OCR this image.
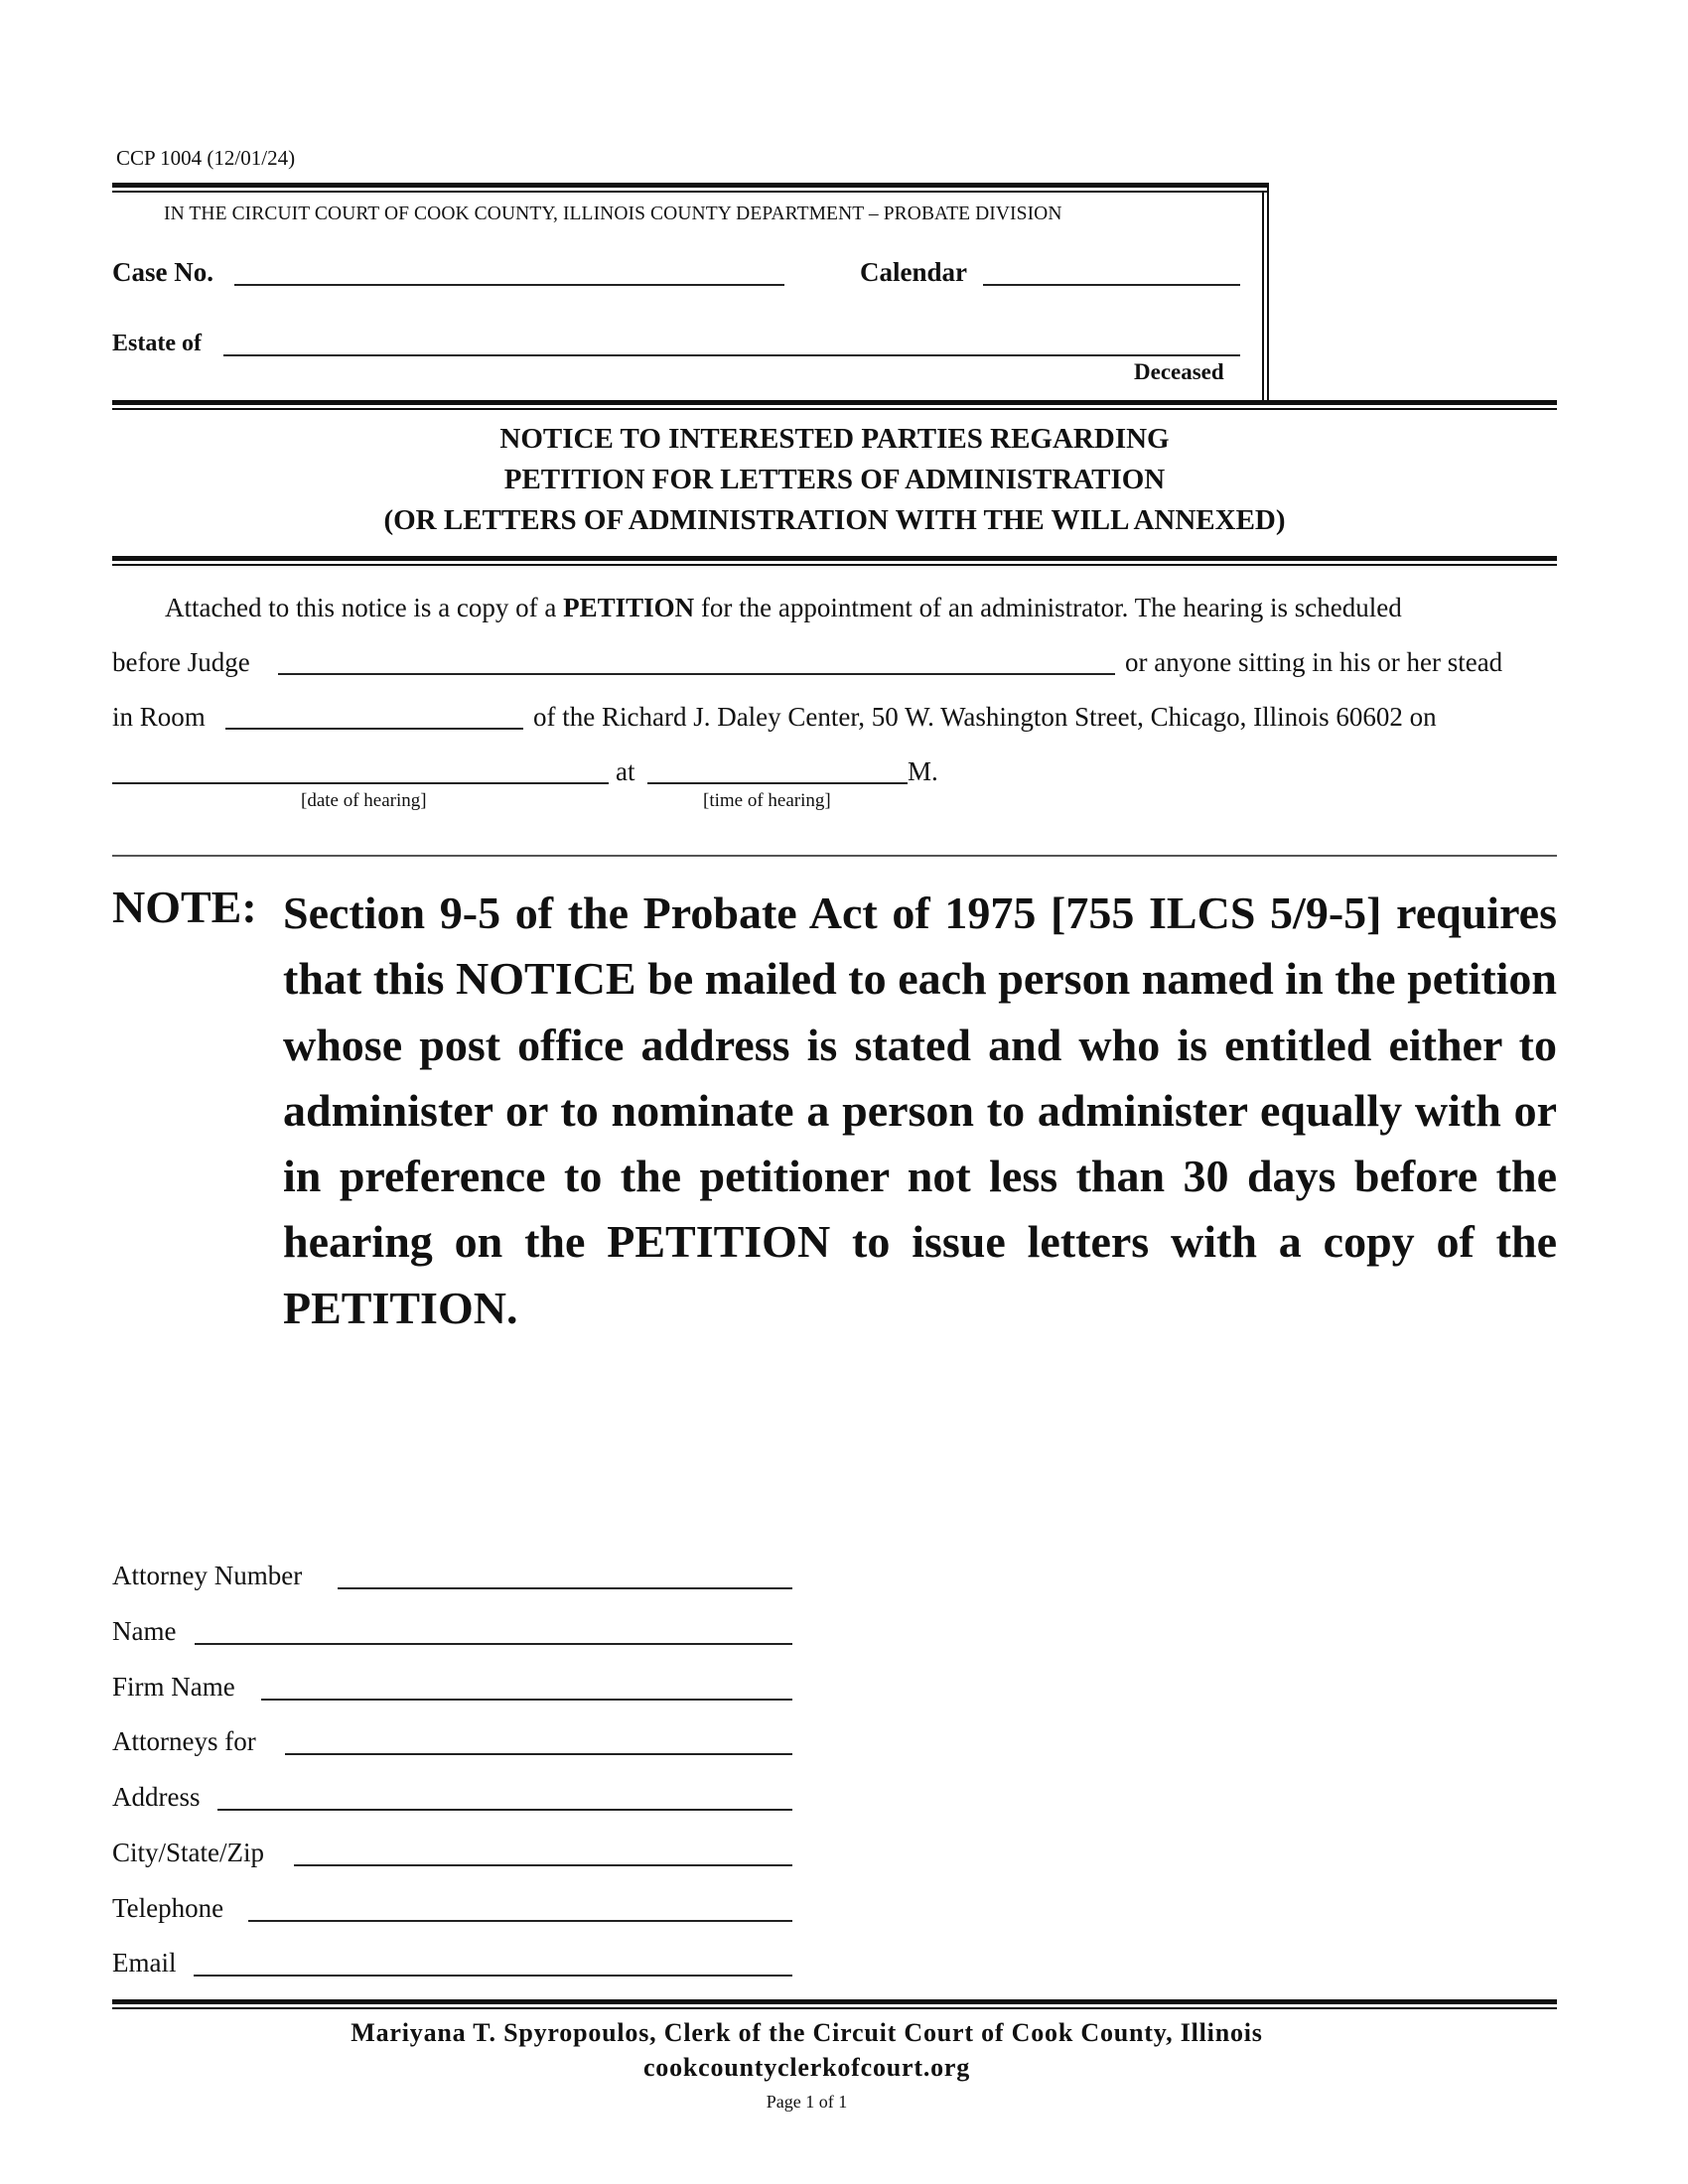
CCP 1004 (12/01/24)
IN THE CIRCUIT COURT OF COOK COUNTY, ILLINOIS COUNTY DEPARTMENT – PROBATE DIVISION
Case No.	Calendar
Estate of
Deceased
NOTICE TO INTERESTED PARTIES REGARDING
PETITION FOR LETTERS OF ADMINISTRATION
(OR LETTERS OF ADMINISTRATION WITH THE WILL ANNEXED)
Attached to this notice is a copy of a PETITION for the appointment of an administrator. The hearing is scheduled
before Judge	or anyone sitting in his or her stead
in Room	of the Richard J. Daley Center, 50 W. Washington Street, Chicago, Illinois 60602 on
at	M.
[date of hearing]	[time of hearing]
NOTE: Section 9-5 of the Probate Act of 1975 [755 ILCS 5/9-5] requires that this NOTICE be mailed to each person named in the petition whose post office address is stated and who is entitled either to administer or to nominate a person to administer equally with or in preference to the petitioner not less than 30 days before the hearing on the PETITION to issue letters with a copy of the PETITION.
Attorney Number
Name
Firm Name
Attorneys for
Address
City/State/Zip
Telephone
Email
Mariyana T. Spyropoulos, Clerk of the Circuit Court of Cook County, Illinois
cookcountyclerkofcourt.org
Page 1 of 1
